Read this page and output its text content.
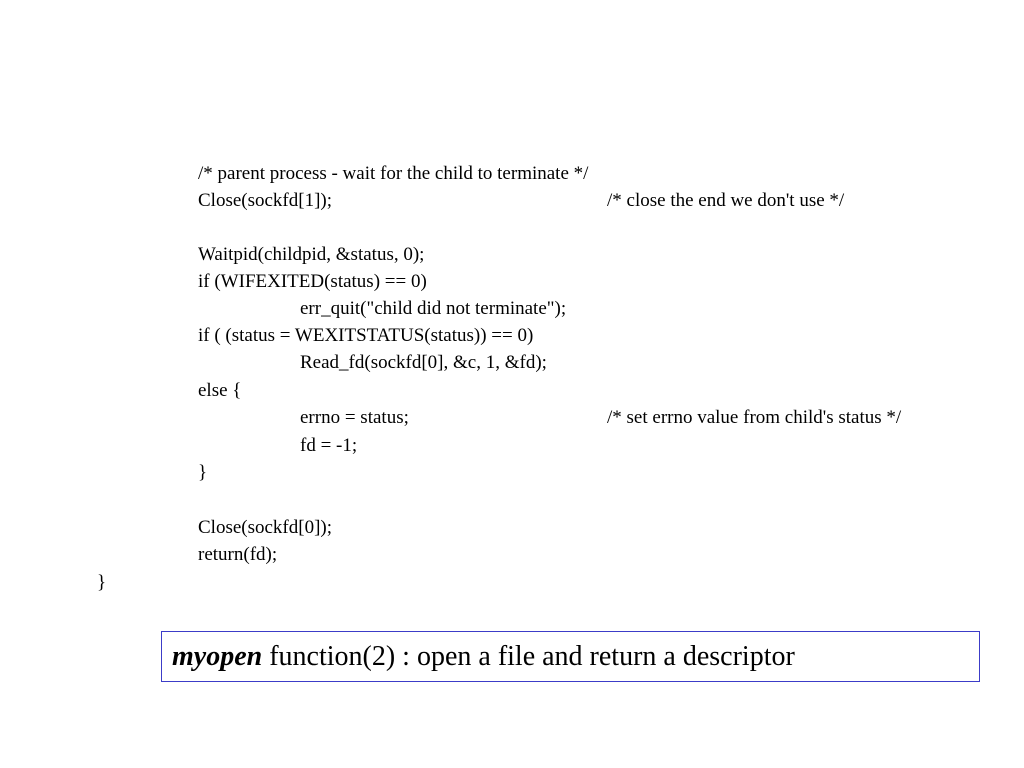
/* parent process - wait for the child to terminate */
Close(sockfd[1]);	/* close the end we don't use */
Waitpid(childpid, &status, 0);
if (WIFEXITED(status) == 0)
err_quit("child did not terminate");
if ( (status = WEXITSTATUS(status)) == 0)
Read_fd(sockfd[0], &c, 1, &fd);
else {
errno = status;	/* set errno value from child's status */
fd = -1;
}
Close(sockfd[0]);
return(fd);
}
myopen function(2) : open a file and return a descriptor
